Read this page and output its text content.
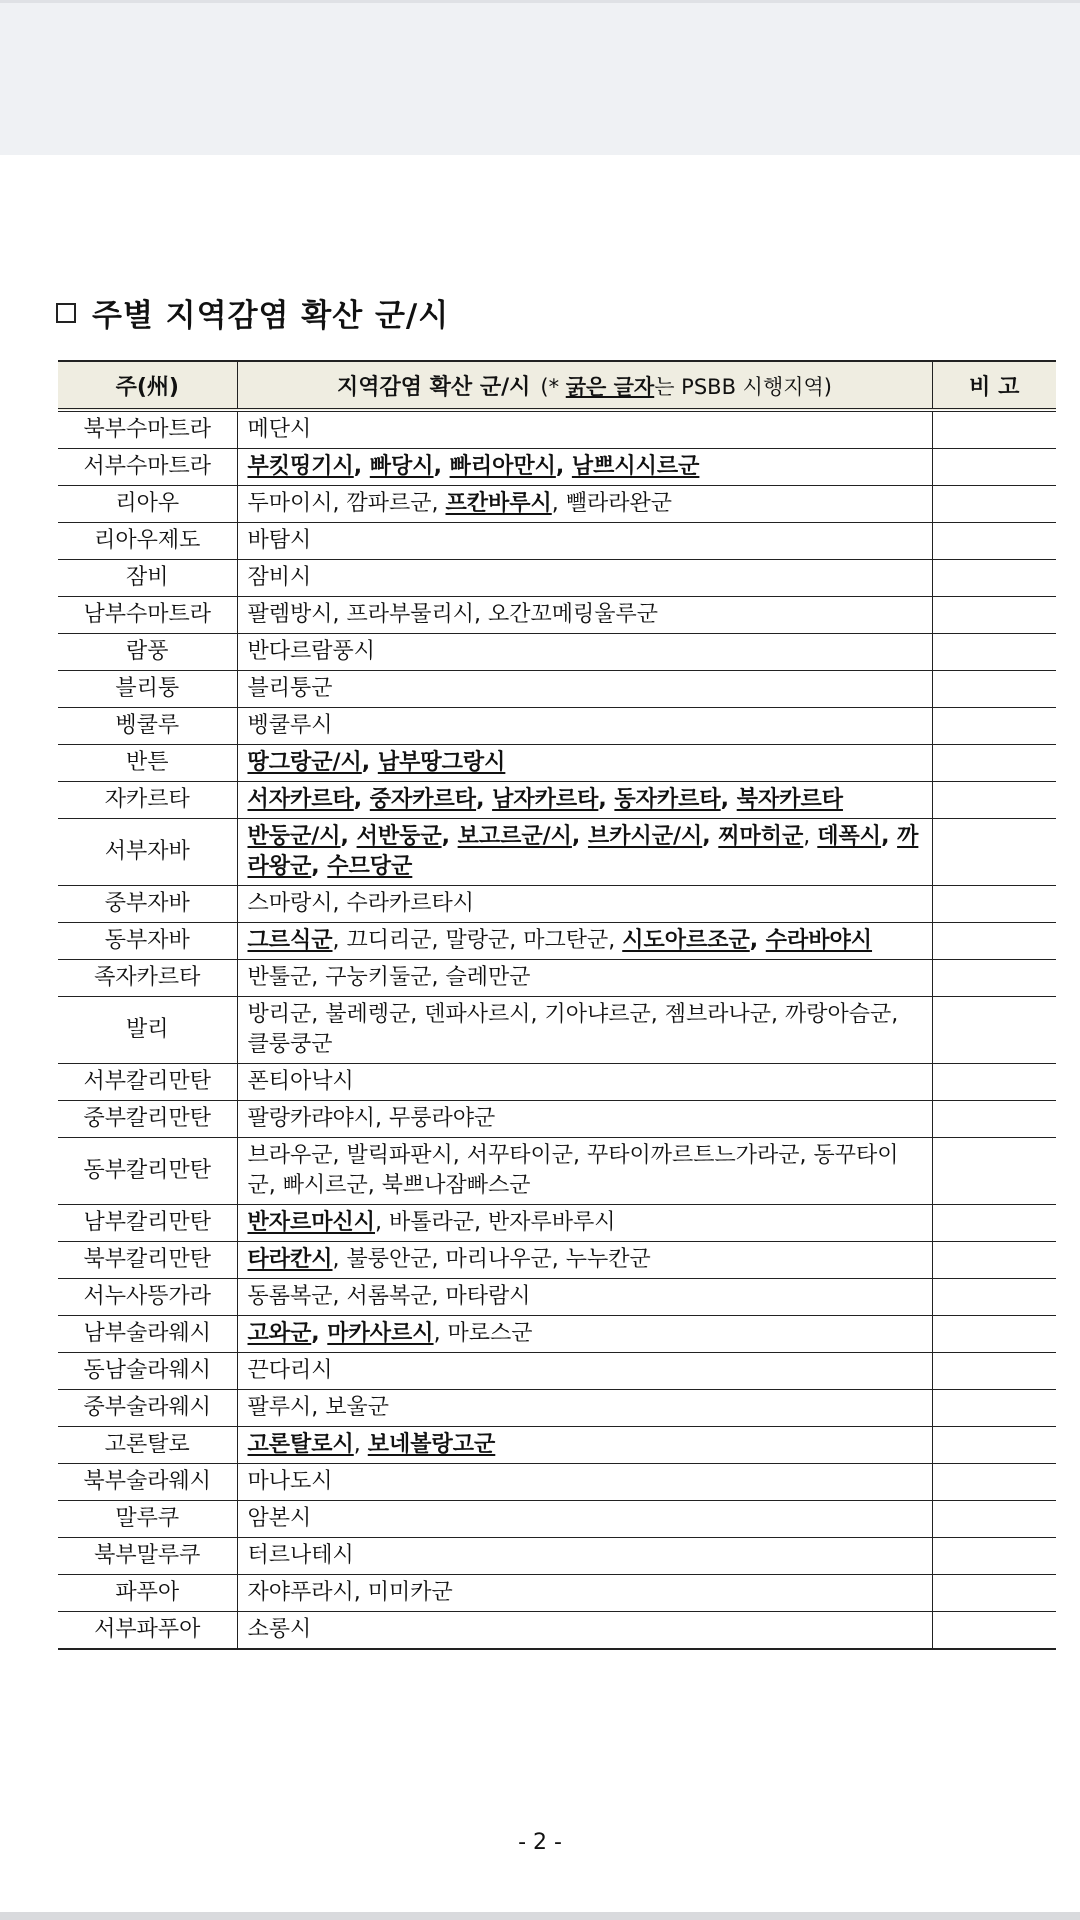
주별 지역감염 확산 군/시
주(州)	지역감염 확산 군/시 (* 굵은 글자는 PSBB 시행지역)	비 고
북부수마트라	메단시	
서부수마트라	부킷띵기시, 빠당시, 빠리아만시, 남쁘시시르군	
리아우	두마이시, 깜파르군, 프칸바루시, 뺄라라완군	
리아우제도	바탐시	
잠비	잠비시	
남부수마트라	팔렘방시, 프라부물리시, 오간꼬메링울루군	
람풍	반다르람풍시	
블리퉁	블리퉁군	
벵쿨루	벵쿨루시	
반튼	땅그랑군/시, 남부땅그랑시	
자카르타	서자카르타, 중자카르타, 남자카르타, 동자카르타, 북자카르타	
서부자바	반둥군/시, 서반둥군, 보고르군/시, 브카시군/시, 찌마히군, 데폭시, 까라왕군, 수므당군	
중부자바	스마랑시, 수라카르타시	
동부자바	그르식군, 끄디리군, 말랑군, 마그탄군, 시도아르조군, 수라바야시	
족자카르타	반툴군, 구눙키둘군, 슬레만군	
발리	방리군, 불레렝군, 덴파사르시, 기아냐르군, 젬브라나군, 까랑아슴군, 클룽쿵군	
서부칼리만탄	폰티아낙시	
중부칼리만탄	팔랑카랴야시, 무룽라야군	
동부칼리만탄	브라우군, 발릭파판시, 서꾸타이군, 꾸타이까르트느가라군, 동꾸타이군, 빠시르군, 북쁘나잠빠스군	
남부칼리만탄	반자르마신시, 바톨라군, 반자루바루시	
북부칼리만탄	타라칸시, 불룽안군, 마리나우군, 누누칸군	
서누사뜽가라	동롬복군, 서롬복군, 마타람시	
남부술라웨시	고와군, 마카사르시, 마로스군	
동남술라웨시	끈다리시	
중부술라웨시	팔루시, 보울군	
고론탈로	고론탈로시, 보네볼랑고군	
북부술라웨시	마나도시	
말루쿠	암본시	
북부말루쿠	터르나테시	
파푸아	자야푸라시, 미미카군	
서부파푸아	소롱시	
- 2 -
